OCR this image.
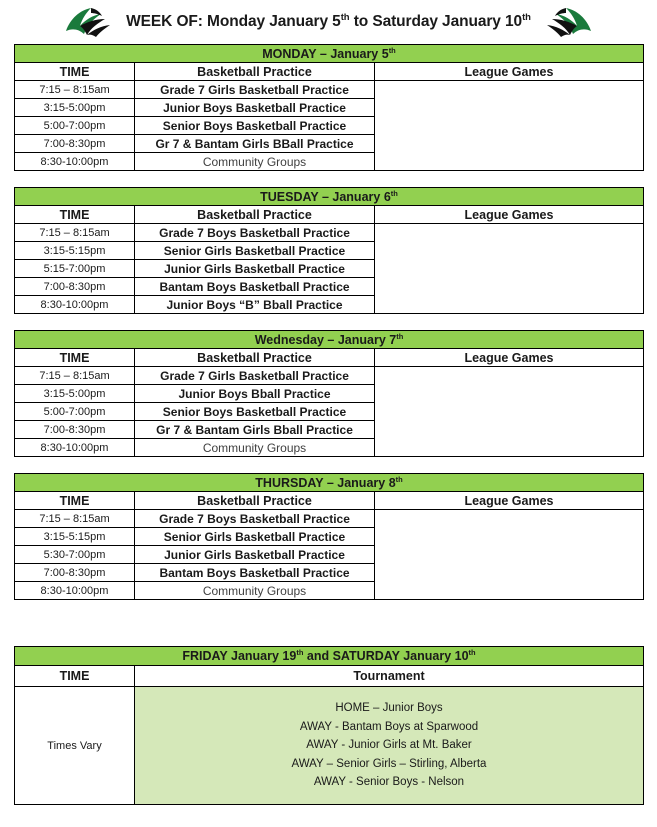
WEEK OF: Monday January 5th to Saturday January 10th
MONDAY – January 5th
TIME	Basketball Practice	League Games
7:15 – 8:15am	Grade 7 Girls Basketball Practice	
3:15-5:00pm	Junior Boys Basketball Practice	
5:00-7:00pm	Senior Boys Basketball Practice	
7:00-8:30pm	Gr 7 & Bantam Girls BBall Practice	
8:30-10:00pm	Community Groups	
TUESDAY – January 6th
TIME	Basketball Practice	League Games
7:15 – 8:15am	Grade 7 Boys Basketball Practice	
3:15-5:15pm	Senior Girls Basketball Practice	
5:15-7:00pm	Junior Girls Basketball Practice	
7:00-8:30pm	Bantam Boys Basketball Practice	
8:30-10:00pm	Junior Boys “B” Bball Practice	
Wednesday – January 7th
TIME	Basketball Practice	League Games
7:15 – 8:15am	Grade 7 Girls Basketball Practice	
3:15-5:00pm	Junior Boys Bball Practice	
5:00-7:00pm	Senior Boys Basketball Practice	
7:00-8:30pm	Gr 7 & Bantam Girls Bball Practice	
8:30-10:00pm	Community Groups	
THURSDAY – January 8th
TIME	Basketball Practice	League Games
7:15 – 8:15am	Grade 7 Boys Basketball Practice	
3:15-5:15pm	Senior Girls Basketball Practice	
5:30-7:00pm	Junior Girls Basketball Practice	
7:00-8:30pm	Bantam Boys Basketball Practice	
8:30-10:00pm	Community Groups	
FRIDAY January 19th and SATURDAY January 10th
TIME	Tournament
Times Vary	HOME – Junior Boys
AWAY - Bantam Boys at Sparwood
AWAY - Junior Girls at Mt. Baker
AWAY – Senior Girls – Stirling, Alberta
AWAY - Senior Boys - Nelson
